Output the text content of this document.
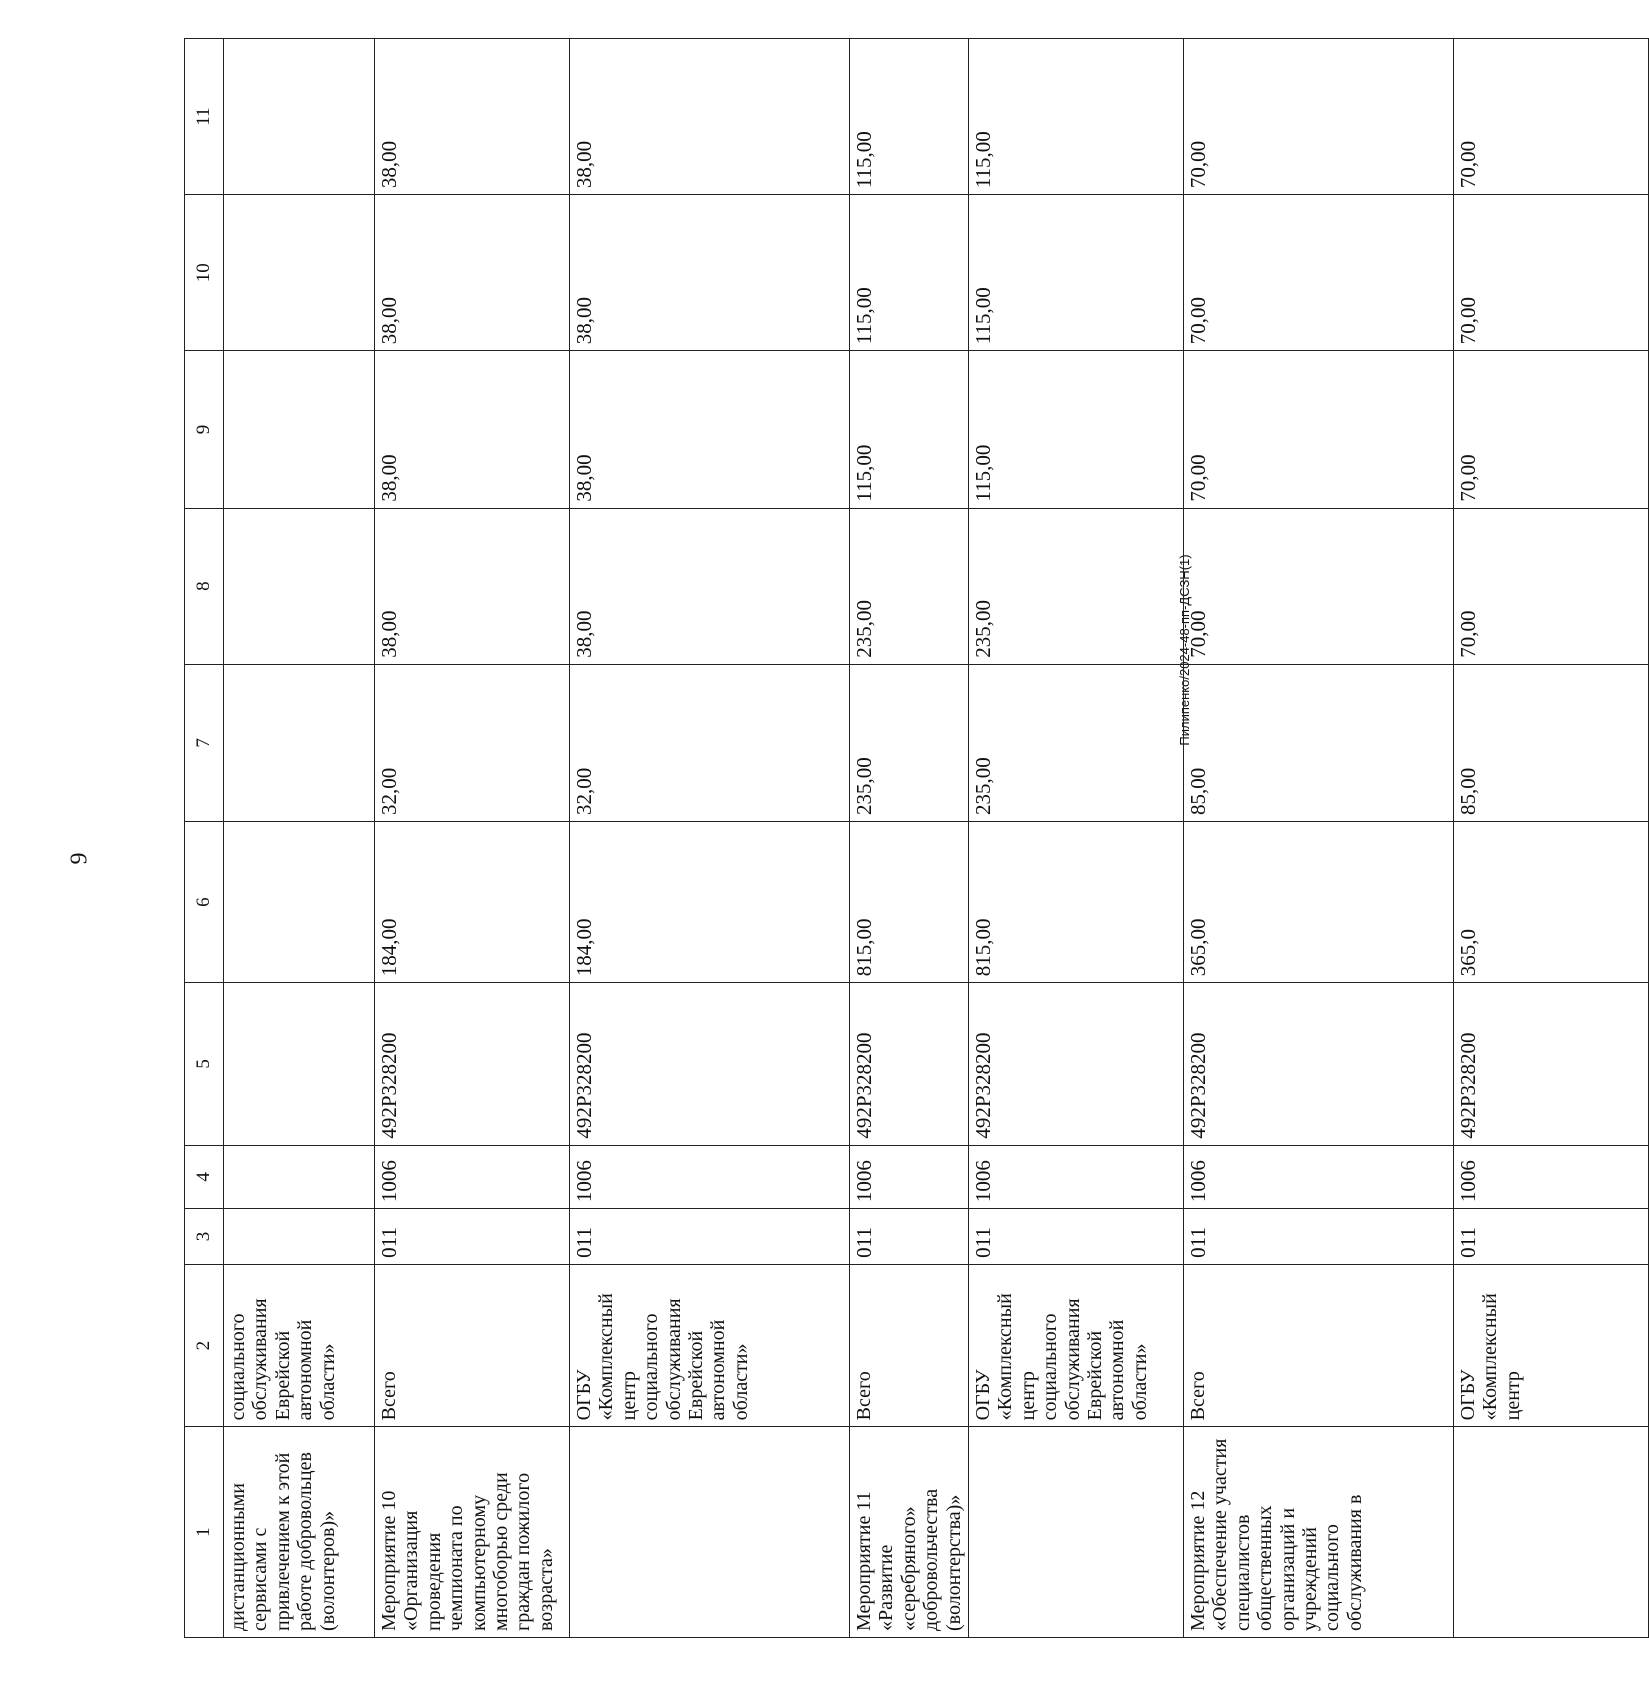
9
Пилипенко/2024-48-пп-ДСЗН(1)
1	2	3	4	5	6	7	8	9	10	11
дистанционными сервисами с привлечением к этой работе добровольцев (волонтеров)»	социального обслуживания Еврейской автономной области»									
Мероприятие 10 «Организация проведения чемпионата по компьютерному многоборью среди граждан пожилого возраста»	Всего	011	1006	492P328200	184,00	32,00	38,00	38,00	38,00	38,00
	ОГБУ «Комплексный центр социального обслуживания Еврейской автономной области»	011	1006	492P328200	184,00	32,00	38,00	38,00	38,00	38,00
Мероприятие 11 «Развитие «серебряного» добровольчества (волонтерства)»	Всего	011	1006	492P328200	815,00	235,00	235,00	115,00	115,00	115,00
	ОГБУ «Комплексный центр социального обслуживания Еврейской автономной области»	011	1006	492P328200	815,00	235,00	235,00	115,00	115,00	115,00
Мероприятие 12 «Обеспечение участия специалистов общественных организаций и учреждений социального обслуживания в	Всего	011	1006	492P328200	365,00	85,00	70,00	70,00	70,00	70,00
	ОГБУ «Комплексный центр	011	1006	492P328200	365,0	85,00	70,00	70,00	70,00	70,00
